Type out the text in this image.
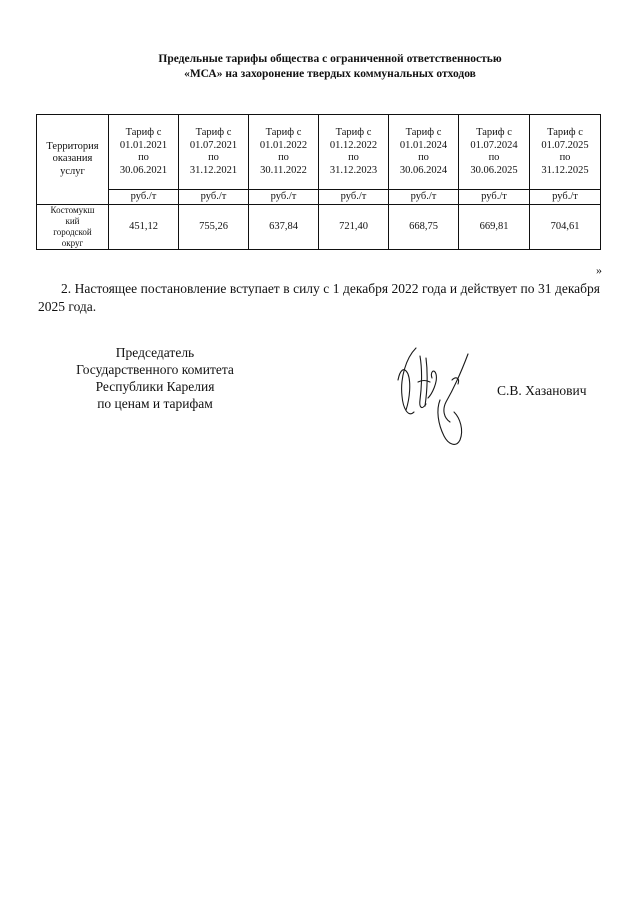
Предельные тарифы общества с ограниченной ответственностью
«МСА» на захоронение твердых коммунальных отходов
Территория
оказания
услуг	Тариф с
01.01.2021
по
30.06.2021	Тариф с
01.07.2021
по
31.12.2021	Тариф с
01.01.2022
по
30.11.2022	Тариф с
01.12.2022
по
31.12.2023	Тариф с
01.01.2024
по
30.06.2024	Тариф с
01.07.2024
по
30.06.2025	Тариф с
01.07.2025
по
31.12.2025
	руб./т	руб./т	руб./т	руб./т	руб./т	руб./т	руб./т
Костомукш
кий
городской
округ	451,12	755,26	637,84	721,40	668,75	669,81	704,61
»
2. Настоящее постановление вступает в силу с 1 декабря 2022 года и действует по 31 декабря 2025 года.
Председатель
Государственного комитета
Республики Карелия
по ценам и тарифам
С.В. Хазанович
